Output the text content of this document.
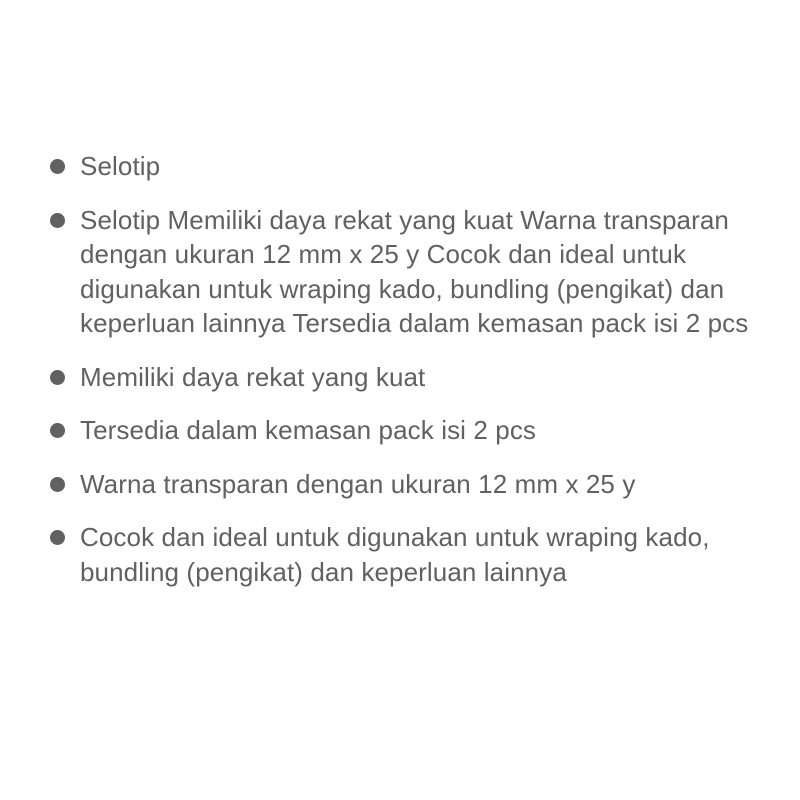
Selotip
Selotip Memiliki daya rekat yang kuat Warna transparan dengan ukuran 12 mm x 25 y Cocok dan ideal untuk digunakan untuk wraping kado, bundling (pengikat) dan keperluan lainnya Tersedia dalam kemasan pack isi 2 pcs
Memiliki daya rekat yang kuat
Tersedia dalam kemasan pack isi 2 pcs
Warna transparan dengan ukuran 12 mm x 25 y
Cocok dan ideal untuk digunakan untuk wraping kado, bundling (pengikat) dan keperluan lainnya
